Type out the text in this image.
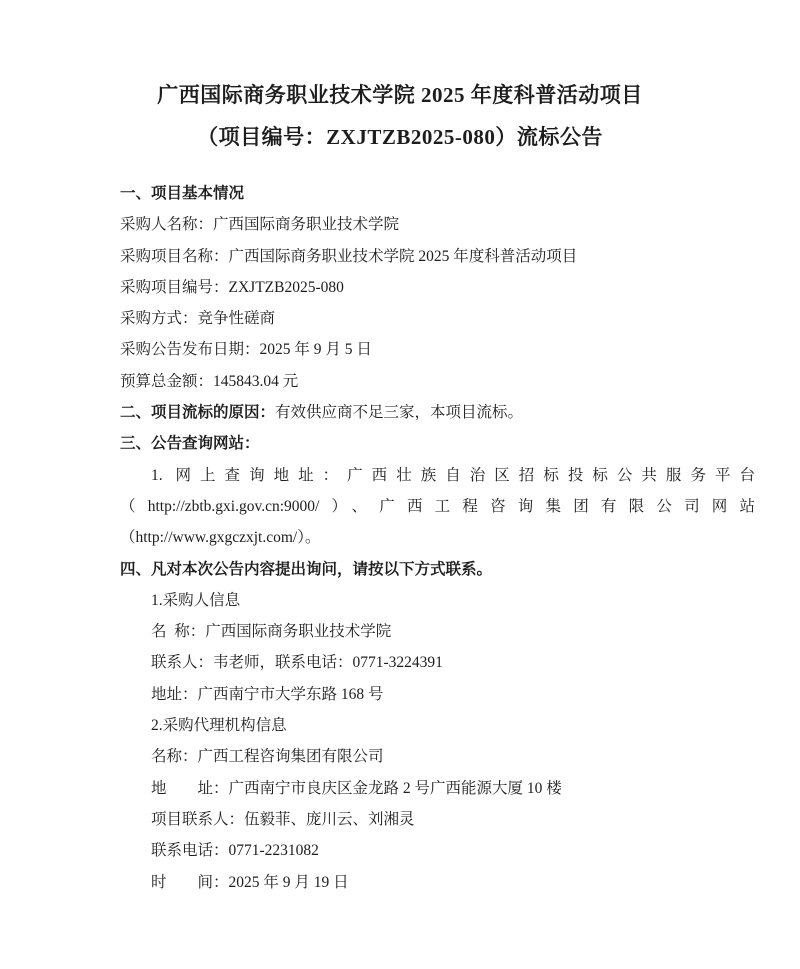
广西国际商务职业技术学院 2025 年度科普活动项目
（项目编号：ZXJTZB2025-080）流标公告

一、项目基本情况

采购人名称：广西国际商务职业技术学院

采购项目名称：广西国际商务职业技术学院 2025 年度科普活动项目

采购项目编号：ZXJTZB2025-080

采购方式：竞争性磋商

采购公告发布日期：2025 年 9 月 5 日

预算总金额：145843.04 元

二、项目流标的原因：有效供应商不足三家，本项目流标。

三、公告查询网站：

1. 网上查询地址：广西壮族自治区招标投标公共服务平台

（http://zbtb.gxi.gov.cn:9000/）、广西工程咨询集团有限公司网站

（http://www.gxgczxjt.com/）。

四、凡对本次公告内容提出询问，请按以下方式联系。

1.采购人信息

名  称：广西国际商务职业技术学院

联系人：韦老师，联系电话：0771-3224391

地址：广西南宁市大学东路 168 号

2.采购代理机构信息

名称：广西工程咨询集团有限公司

地　　址：广西南宁市良庆区金龙路 2 号广西能源大厦 10 楼

项目联系人：伍毅菲、庞川云、刘湘灵

联系电话：0771-2231082

时　　间：2025 年 9 月 19 日
